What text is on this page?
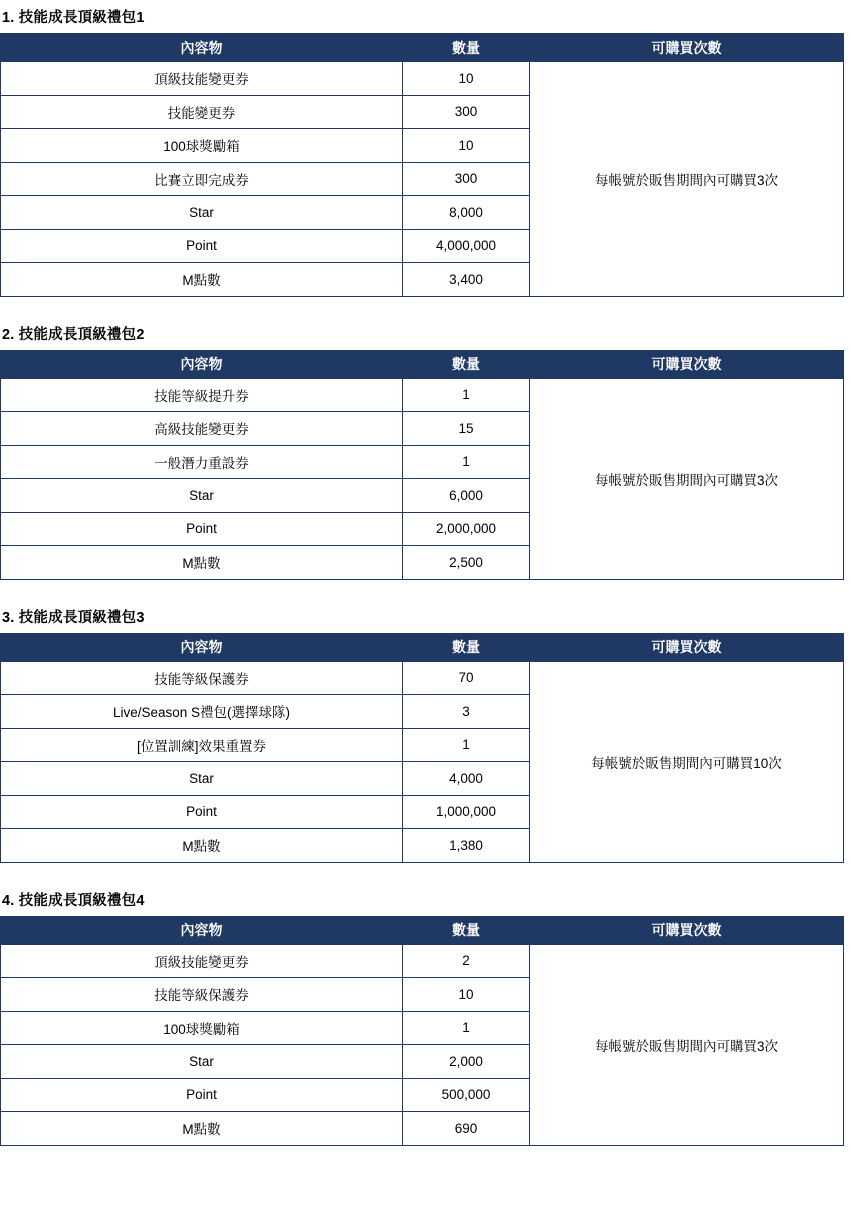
1. 技能成長頂級禮包1
內容物	數量	可購買次數
頂級技能變更券	10	每帳號於販售期間內可購買3次
技能變更券	300	
100球獎勵箱	10	
比賽立即完成券	300	
Star	8,000	
Point	4,000,000	
M點數	3,400	
2. 技能成長頂級禮包2
內容物	數量	可購買次數
技能等級提升券	1	每帳號於販售期間內可購買3次
高級技能變更券	15	
一般潛力重設券	1	
Star	6,000	
Point	2,000,000	
M點數	2,500	
3. 技能成長頂級禮包3
內容物	數量	可購買次數
技能等級保護券	70	每帳號於販售期間內可購買10次
Live/Season S禮包(選擇球隊)	3	
[位置訓練]效果重置券	1	
Star	4,000	
Point	1,000,000	
M點數	1,380	
4. 技能成長頂級禮包4
內容物	數量	可購買次數
頂級技能變更券	2	每帳號於販售期間內可購買3次
技能等級保護券	10	
100球獎勵箱	1	
Star	2,000	
Point	500,000	
M點數	690	
